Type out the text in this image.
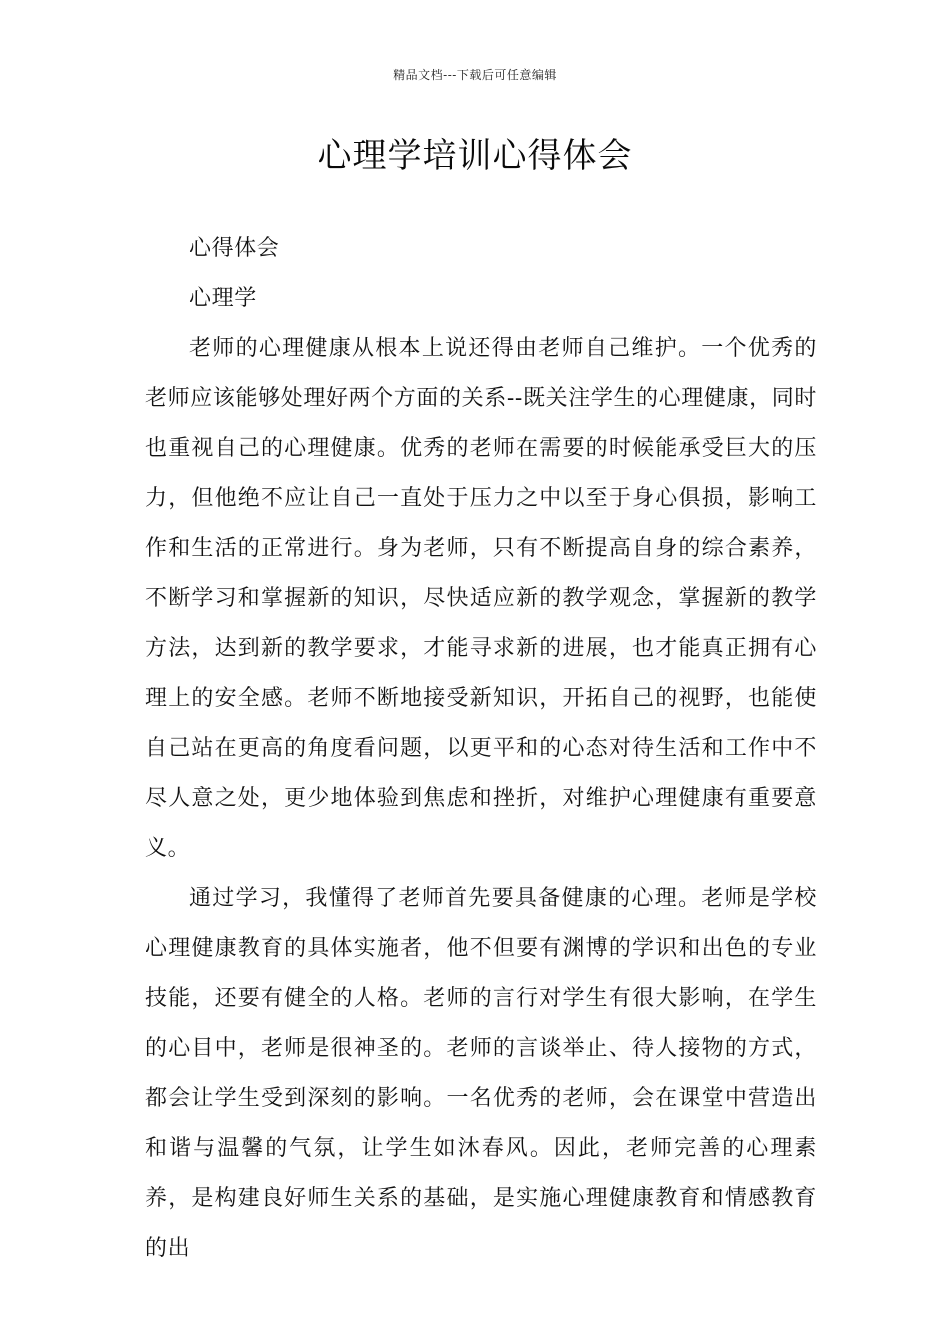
精品文档---下载后可任意编辑
心理学培训心得体会

心得体会

心理学

老师的心理健康从根本上说还得由老师自己维护。一个优秀的老师应该能够处理好两个方面的关系--既关注学生的心理健康，同时也重视自己的心理健康。优秀的老师在需要的时候能承受巨大的压力，但他绝不应让自己一直处于压力之中以至于身心俱损，影响工作和生活的正常进行。身为老师，只有不断提高自身的综合素养，不断学习和掌握新的知识，尽快适应新的教学观念，掌握新的教学方法，达到新的教学要求，才能寻求新的进展，也才能真正拥有心理上的安全感。老师不断地接受新知识，开拓自己的视野，也能使自己站在更高的角度看问题，以更平和的心态对待生活和工作中不尽人意之处，更少地体验到焦虑和挫折，对维护心理健康有重要意义。

通过学习，我懂得了老师首先要具备健康的心理。老师是学校心理健康教育的具体实施者，他不但要有渊博的学识和出色的专业技能，还要有健全的人格。老师的言行对学生有很大影响，在学生的心目中，老师是很神圣的。老师的言谈举止、待人接物的方式，都会让学生受到深刻的影响。一名优秀的老师，会在课堂中营造出和谐与温馨的气氛，让学生如沐春风。因此，老师完善的心理素养，是构建良好师生关系的基础，是实施心理健康教育和情感教育的出
